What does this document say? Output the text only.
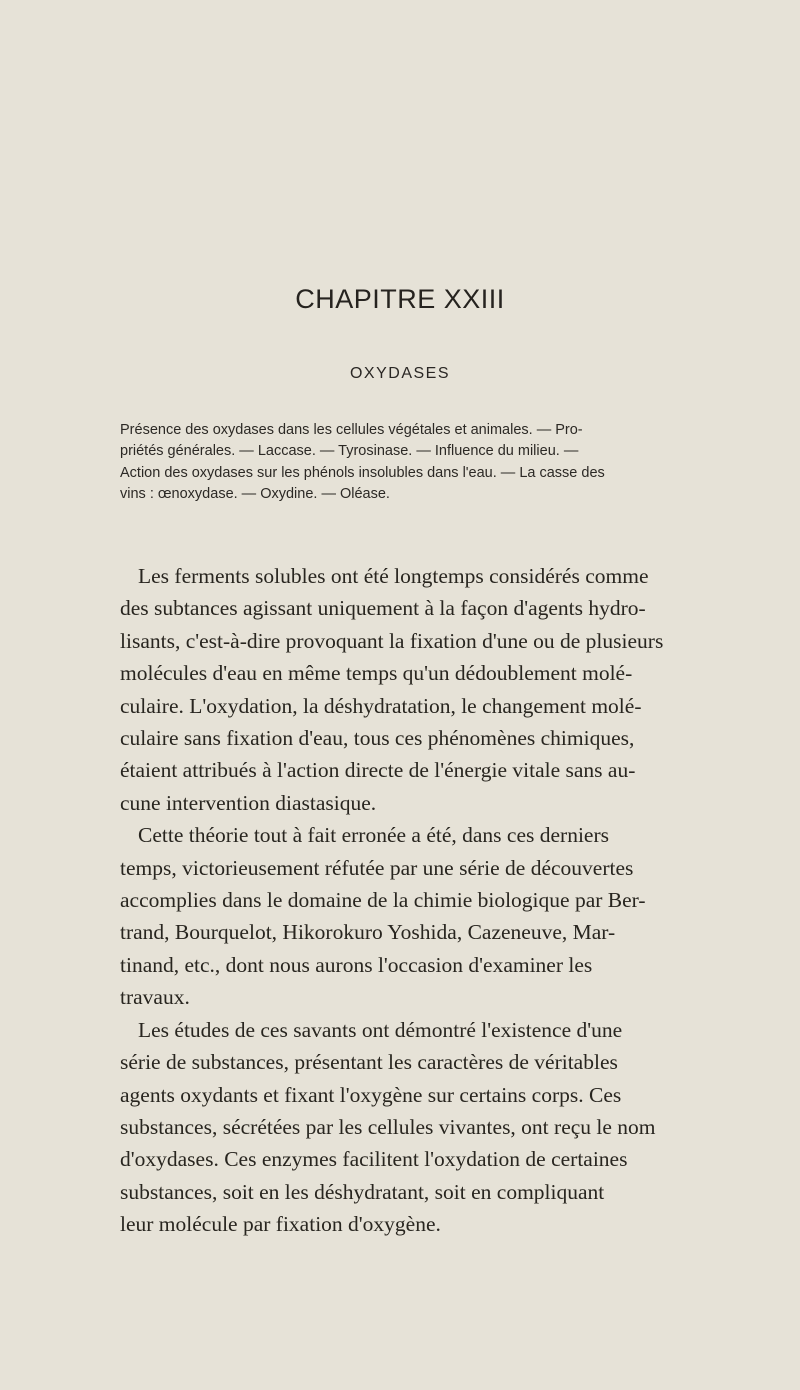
CHAPITRE XXIII
OXYDASES
Présence des oxydases dans les cellules végétales et animales. — Pro-
priétés générales. — Laccase. — Tyrosinase. — Influence du milieu. —
Action des oxydases sur les phénols insolubles dans l'eau. — La casse des
vins : œnoxydase. — Oxydine. — Oléase.
Les ferments solubles ont été longtemps considérés comme
des subtances agissant uniquement à la façon d'agents hydro-
lisants, c'est-à-dire provoquant la fixation d'une ou de plusieurs
molécules d'eau en même temps qu'un dédoublement molé-
culaire. L'oxydation, la déshydratation, le changement molé-
culaire sans fixation d'eau, tous ces phénomènes chimiques,
étaient attribués à l'action directe de l'énergie vitale sans au-
cune intervention diastasique.
Cette théorie tout à fait erronée a été, dans ces derniers
temps, victorieusement réfutée par une série de découvertes
accomplies dans le domaine de la chimie biologique par Ber-
trand, Bourquelot, Hikorokuro Yoshida, Cazeneuve, Mar-
tinand, etc., dont nous aurons l'occasion d'examiner les
travaux.
Les études de ces savants ont démontré l'existence d'une
série de substances, présentant les caractères de véritables
agents oxydants et fixant l'oxygène sur certains corps. Ces
substances, sécrétées par les cellules vivantes, ont reçu le nom
d'oxydases. Ces enzymes facilitent l'oxydation de certaines
substances, soit en les déshydratant, soit en compliquant
leur molécule par fixation d'oxygène.
